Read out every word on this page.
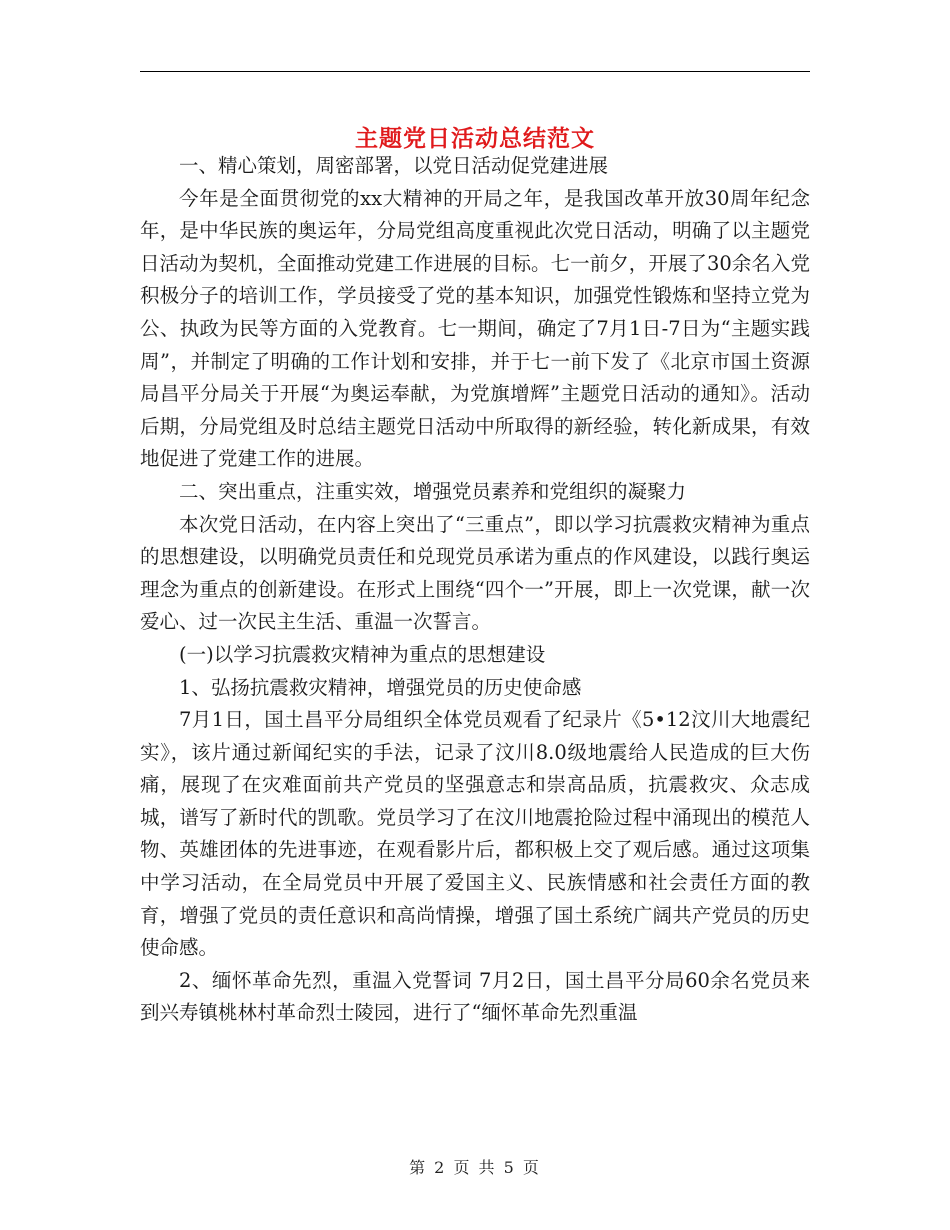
主题党日活动总结范文

一、精心策划，周密部署，以党日活动促党建进展

今年是全面贯彻党的xx大精神的开局之年，是我国改革开放30周年纪念年，是中华民族的奥运年，分局党组高度重视此次党日活动，明确了以主题党日活动为契机，全面推动党建工作进展的目标。七一前夕，开展了30余名入党积极分子的培训工作，学员接受了党的基本知识，加强党性锻炼和坚持立党为公、执政为民等方面的入党教育。七一期间，确定了7月1日-7日为“主题实践周”，并制定了明确的工作计划和安排，并于七一前下发了《北京市国土资源局昌平分局关于开展“为奥运奉献，为党旗增辉”主题党日活动的通知》。活动后期，分局党组及时总结主题党日活动中所取得的新经验，转化新成果，有效地促进了党建工作的进展。

二、突出重点，注重实效，增强党员素养和党组织的凝聚力

本次党日活动，在内容上突出了“三重点”，即以学习抗震救灾精神为重点的思想建设，以明确党员责任和兑现党员承诺为重点的作风建设，以践行奥运理念为重点的创新建设。在形式上围绕“四个一”开展，即上一次党课，献一次爱心、过一次民主生活、重温一次誓言。

(一)以学习抗震救灾精神为重点的思想建设

1、弘扬抗震救灾精神，增强党员的历史使命感

7月1日，国土昌平分局组织全体党员观看了纪录片《5•12汶川大地震纪实》，该片通过新闻纪实的手法，记录了汶川8.0级地震给人民造成的巨大伤痛，展现了在灾难面前共产党员的坚强意志和崇高品质，抗震救灾、众志成城，谱写了新时代的凯歌。党员学习了在汶川地震抢险过程中涌现出的模范人物、英雄团体的先进事迹，在观看影片后，都积极上交了观后感。通过这项集中学习活动，在全局党员中开展了爱国主义、民族情感和社会责任方面的教育，增强了党员的责任意识和高尚情操，增强了国土系统广阔共产党员的历史使命感。

2、缅怀革命先烈，重温入党誓词 7月2日，国土昌平分局60余名党员来到兴寿镇桃林村革命烈士陵园，进行了“缅怀革命先烈重温

第 2 页 共 5 页
